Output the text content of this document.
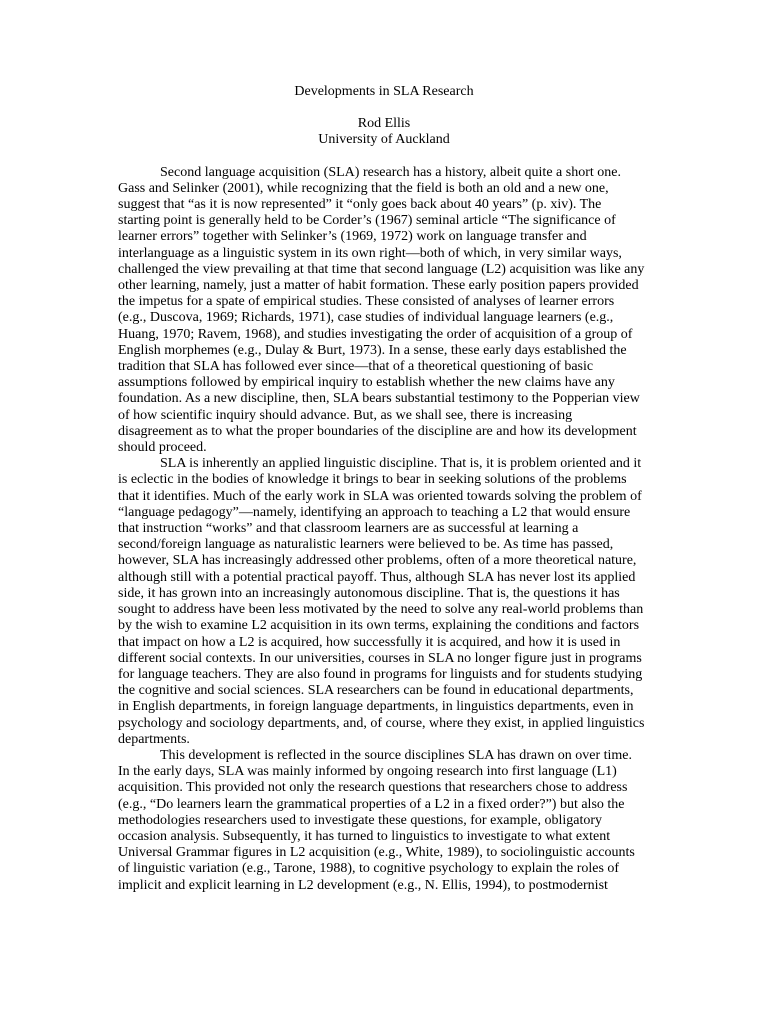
Developments in SLA Research
Rod Ellis
University of Auckland
Second language acquisition (SLA) research has a history, albeit quite a short one.
Gass and Selinker (2001), while recognizing that the field is both an old and a new one,
suggest that “as it is now represented” it “only goes back about 40 years” (p. xiv). The
starting point is generally held to be Corder’s (1967) seminal article “The significance of
learner errors” together with Selinker’s (1969, 1972) work on language transfer and
interlanguage as a linguistic system in its own right—both of which, in very similar ways,
challenged the view prevailing at that time that second language (L2) acquisition was like any
other learning, namely, just a matter of habit formation. These early position papers provided
the impetus for a spate of empirical studies. These consisted of analyses of learner errors
(e.g., Duscova, 1969; Richards, 1971), case studies of individual language learners (e.g.,
Huang, 1970; Ravem, 1968), and studies investigating the order of acquisition of a group of
English morphemes (e.g., Dulay & Burt, 1973). In a sense, these early days established the
tradition that SLA has followed ever since—that of a theoretical questioning of basic
assumptions followed by empirical inquiry to establish whether the new claims have any
foundation. As a new discipline, then, SLA bears substantial testimony to the Popperian view
of how scientific inquiry should advance. But, as we shall see, there is increasing
disagreement as to what the proper boundaries of the discipline are and how its development
should proceed.
SLA is inherently an applied linguistic discipline. That is, it is problem oriented and it
is eclectic in the bodies of knowledge it brings to bear in seeking solutions of the problems
that it identifies. Much of the early work in SLA was oriented towards solving the problem of
“language pedagogy”—namely, identifying an approach to teaching a L2 that would ensure
that instruction “works” and that classroom learners are as successful at learning a
second/foreign language as naturalistic learners were believed to be. As time has passed,
however, SLA has increasingly addressed other problems, often of a more theoretical nature,
although still with a potential practical payoff. Thus, although SLA has never lost its applied
side, it has grown into an increasingly autonomous discipline. That is, the questions it has
sought to address have been less motivated by the need to solve any real-world problems than
by the wish to examine L2 acquisition in its own terms, explaining the conditions and factors
that impact on how a L2 is acquired, how successfully it is acquired, and how it is used in
different social contexts. In our universities, courses in SLA no longer figure just in programs
for language teachers. They are also found in programs for linguists and for students studying
the cognitive and social sciences. SLA researchers can be found in educational departments,
in English departments, in foreign language departments, in linguistics departments, even in
psychology and sociology departments, and, of course, where they exist, in applied linguistics
departments.
This development is reflected in the source disciplines SLA has drawn on over time.
In the early days, SLA was mainly informed by ongoing research into first language (L1)
acquisition. This provided not only the research questions that researchers chose to address
(e.g., “Do learners learn the grammatical properties of a L2 in a fixed order?”) but also the
methodologies researchers used to investigate these questions, for example, obligatory
occasion analysis. Subsequently, it has turned to linguistics to investigate to what extent
Universal Grammar figures in L2 acquisition (e.g., White, 1989), to sociolinguistic accounts
of linguistic variation (e.g., Tarone, 1988), to cognitive psychology to explain the roles of
implicit and explicit learning in L2 development (e.g., N. Ellis, 1994), to postmodernist
